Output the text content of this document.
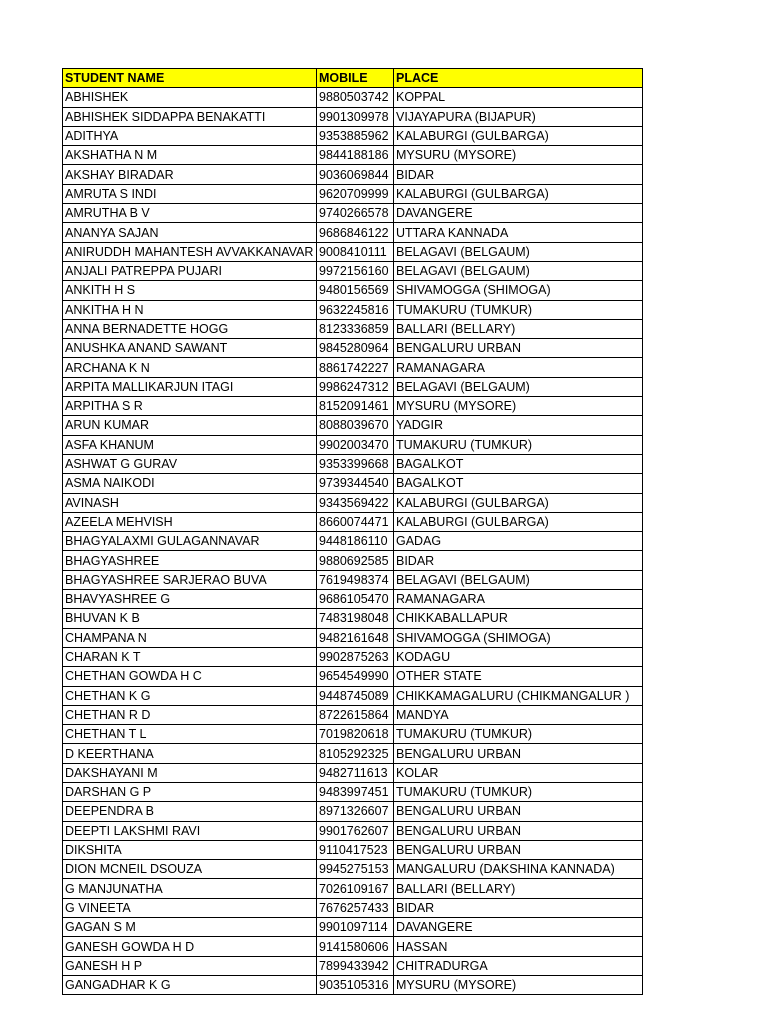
STUDENT NAME	MOBILE	PLACE
ABHISHEK	9880503742	KOPPAL
ABHISHEK SIDDAPPA BENAKATTI	9901309978	VIJAYAPURA (BIJAPUR)
ADITHYA	9353885962	KALABURGI (GULBARGA)
AKSHATHA N M	9844188186	MYSURU (MYSORE)
AKSHAY BIRADAR	9036069844	BIDAR
AMRUTA S INDI	9620709999	KALABURGI (GULBARGA)
AMRUTHA B V	9740266578	DAVANGERE
ANANYA SAJAN	9686846122	UTTARA KANNADA
ANIRUDDH MAHANTESH AVVAKKANAVAR	9008410111	BELAGAVI (BELGAUM)
ANJALI PATREPPA PUJARI	9972156160	BELAGAVI (BELGAUM)
ANKITH H S	9480156569	SHIVAMOGGA (SHIMOGA)
ANKITHA H N	9632245816	TUMAKURU (TUMKUR)
ANNA BERNADETTE HOGG	8123336859	BALLARI (BELLARY)
ANUSHKA ANAND SAWANT	9845280964	BENGALURU URBAN
ARCHANA K N	8861742227	RAMANAGARA
ARPITA MALLIKARJUN ITAGI	9986247312	BELAGAVI (BELGAUM)
ARPITHA S R	8152091461	MYSURU (MYSORE)
ARUN KUMAR	8088039670	YADGIR
ASFA KHANUM	9902003470	TUMAKURU (TUMKUR)
ASHWAT G GURAV	9353399668	BAGALKOT
ASMA NAIKODI	9739344540	BAGALKOT
AVINASH	9343569422	KALABURGI (GULBARGA)
AZEELA MEHVISH	8660074471	KALABURGI (GULBARGA)
BHAGYALAXMI GULAGANNAVAR	9448186110	GADAG
BHAGYASHREE	9880692585	BIDAR
BHAGYASHREE SARJERAO BUVA	7619498374	BELAGAVI (BELGAUM)
BHAVYASHREE G	9686105470	RAMANAGARA
BHUVAN K B	7483198048	CHIKKABALLAPUR
CHAMPANA N	9482161648	SHIVAMOGGA (SHIMOGA)
CHARAN K T	9902875263	KODAGU
CHETHAN GOWDA H C	9654549990	OTHER STATE
CHETHAN K G	9448745089	CHIKKAMAGALURU (CHIKMANGALUR )
CHETHAN R D	8722615864	MANDYA
CHETHAN T L	7019820618	TUMAKURU (TUMKUR)
D KEERTHANA	8105292325	BENGALURU URBAN
DAKSHAYANI M	9482711613	KOLAR
DARSHAN G P	9483997451	TUMAKURU (TUMKUR)
DEEPENDRA B	8971326607	BENGALURU URBAN
DEEPTI LAKSHMI RAVI	9901762607	BENGALURU URBAN
DIKSHITA	9110417523	BENGALURU URBAN
DION MCNEIL DSOUZA	9945275153	MANGALURU (DAKSHINA KANNADA)
G MANJUNATHA	7026109167	BALLARI (BELLARY)
G VINEETA	7676257433	BIDAR
GAGAN S M	9901097114	DAVANGERE
GANESH GOWDA H D	9141580606	HASSAN
GANESH H P	7899433942	CHITRADURGA
GANGADHAR K G	9035105316	MYSURU (MYSORE)
